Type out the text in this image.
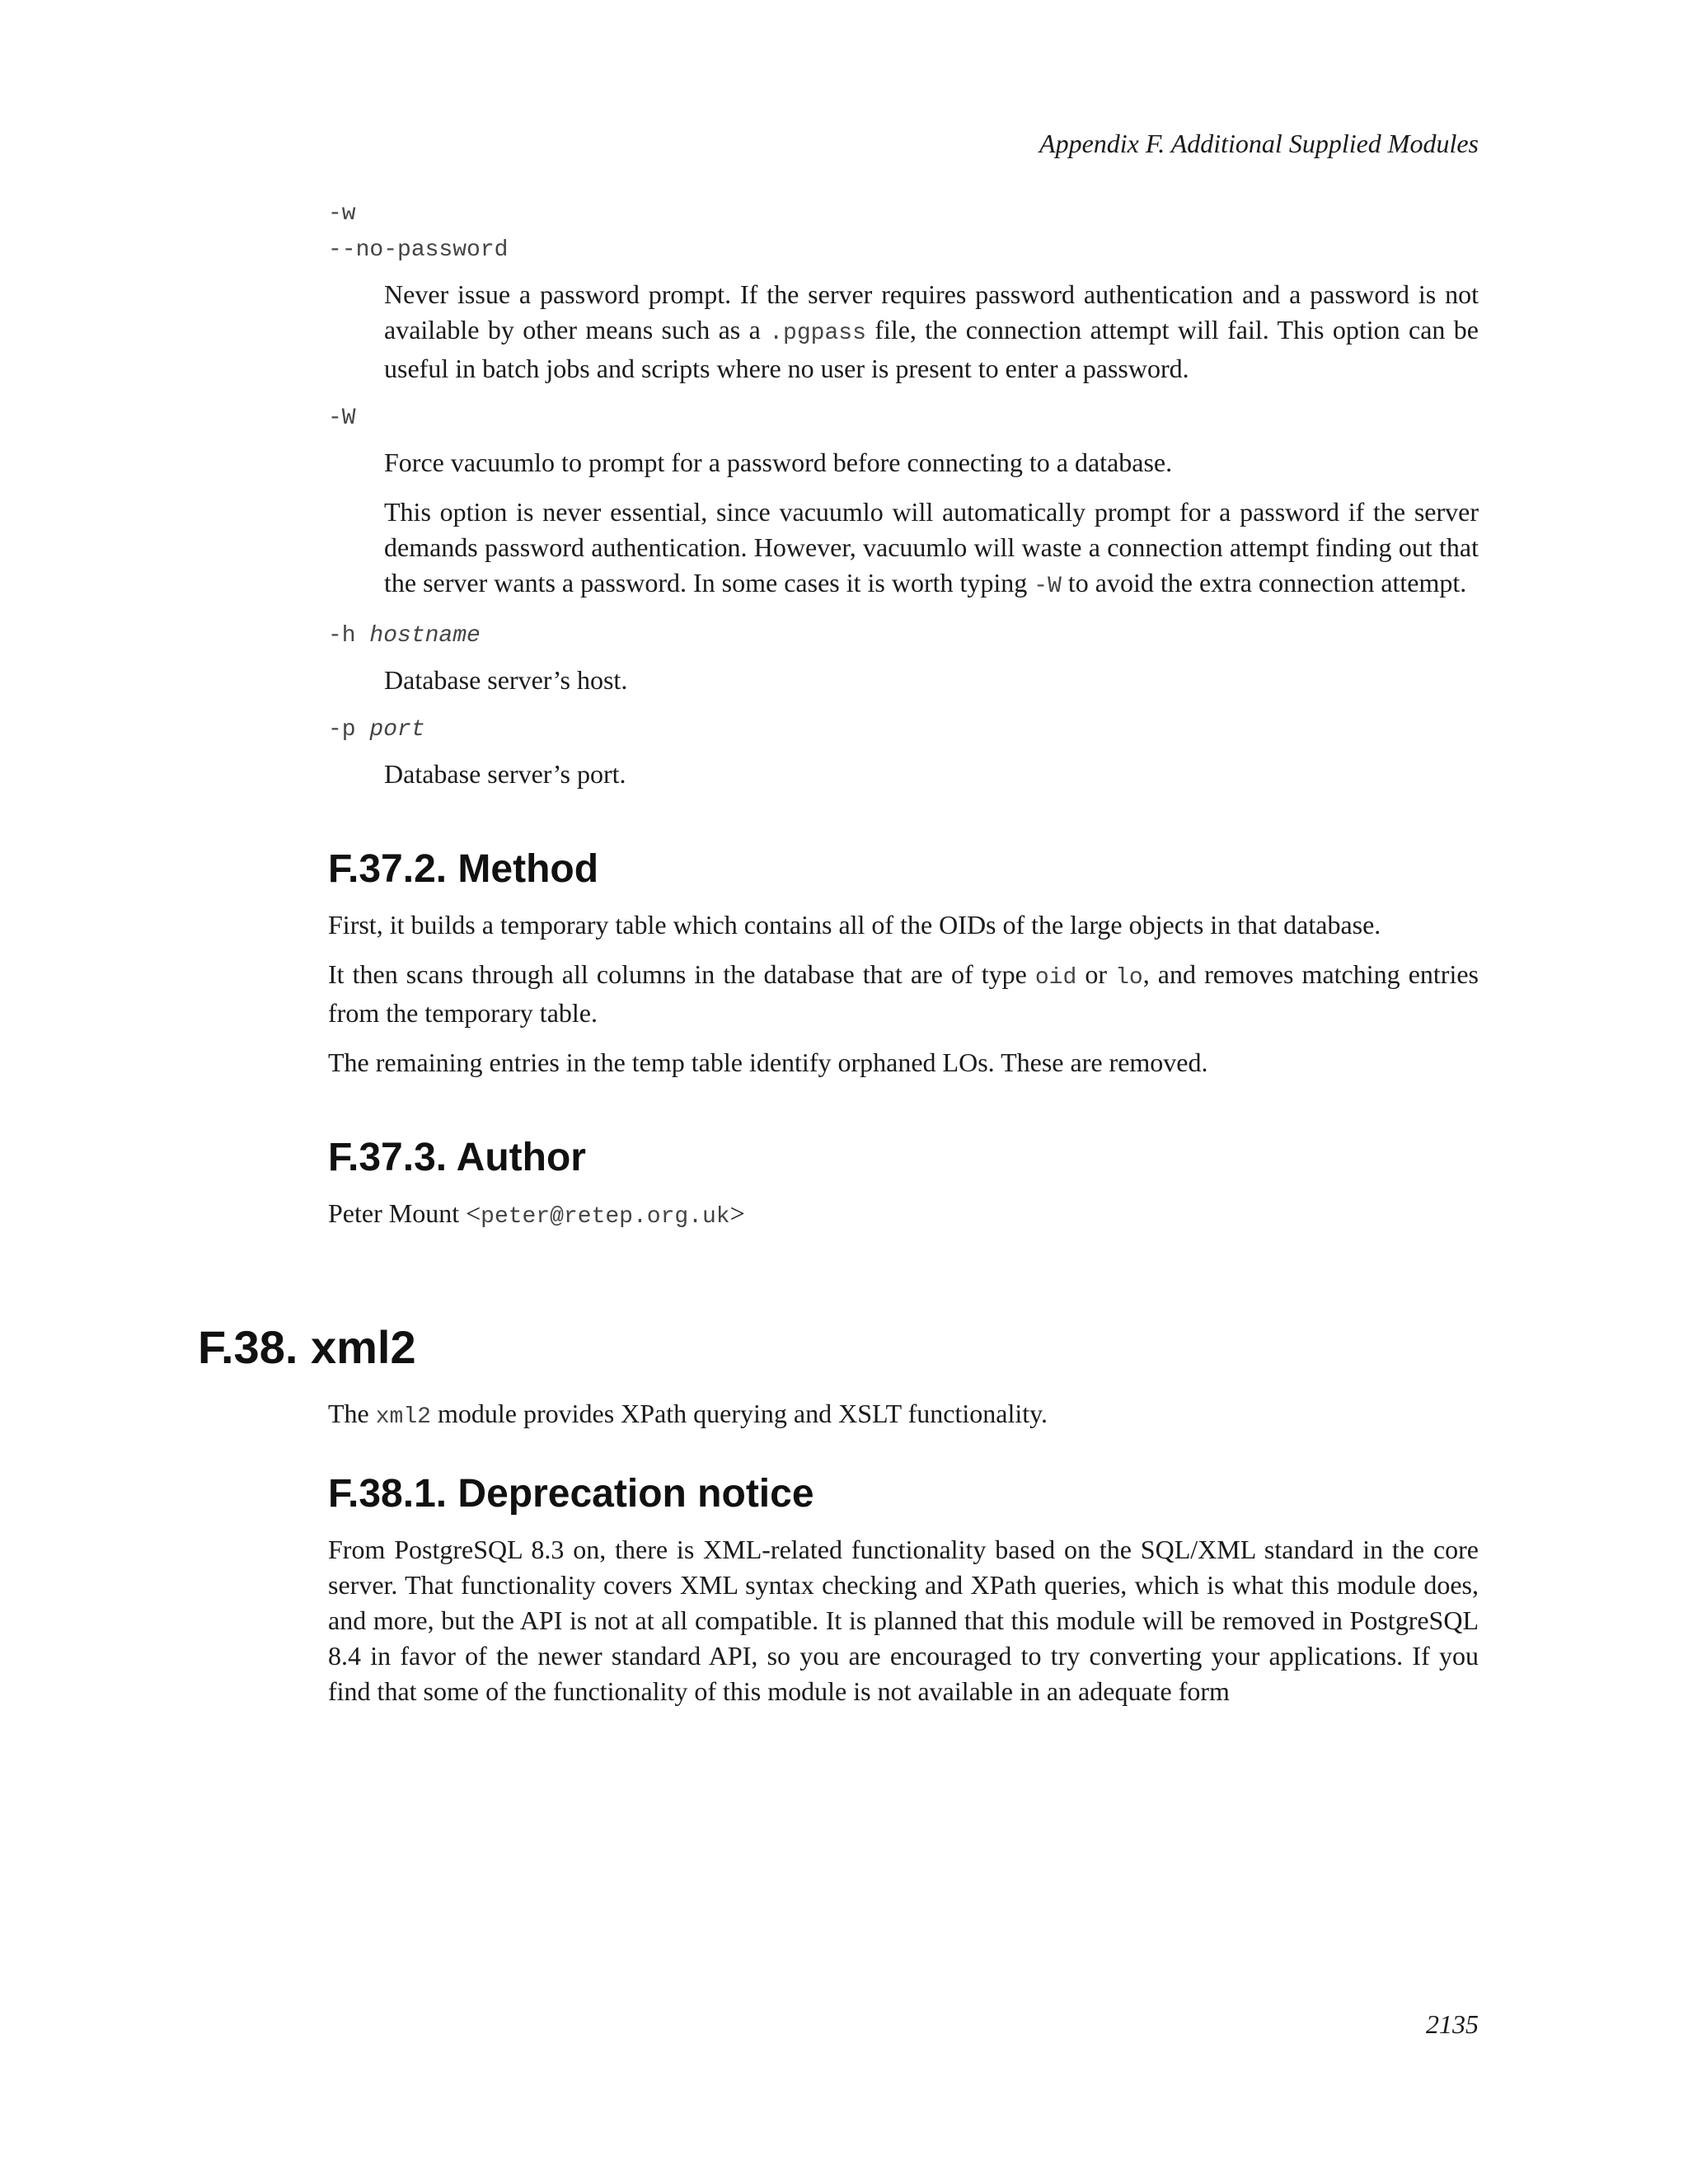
Appendix F. Additional Supplied Modules
-w
--no-password

Never issue a password prompt. If the server requires password authentication and a password is not available by other means such as a .pgpass file, the connection attempt will fail. This option can be useful in batch jobs and scripts where no user is present to enter a password.

-W

Force vacuumlo to prompt for a password before connecting to a database.

This option is never essential, since vacuumlo will automatically prompt for a password if the server demands password authentication. However, vacuumlo will waste a connection attempt finding out that the server wants a password. In some cases it is worth typing -W to avoid the extra connection attempt.

-h hostname

Database server’s host.

-p port

Database server’s port.

F.37.2. Method

First, it builds a temporary table which contains all of the OIDs of the large objects in that database.

It then scans through all columns in the database that are of type oid or lo, and removes matching entries from the temporary table.

The remaining entries in the temp table identify orphaned LOs. These are removed.

F.37.3. Author

Peter Mount <peter@retep.org.uk>

F.38. xml2

The xml2 module provides XPath querying and XSLT functionality.

F.38.1. Deprecation notice

From PostgreSQL 8.3 on, there is XML-related functionality based on the SQL/XML standard in the core server. That functionality covers XML syntax checking and XPath queries, which is what this module does, and more, but the API is not at all compatible. It is planned that this module will be removed in PostgreSQL 8.4 in favor of the newer standard API, so you are encouraged to try converting your applications. If you find that some of the functionality of this module is not available in an adequate form

2135
